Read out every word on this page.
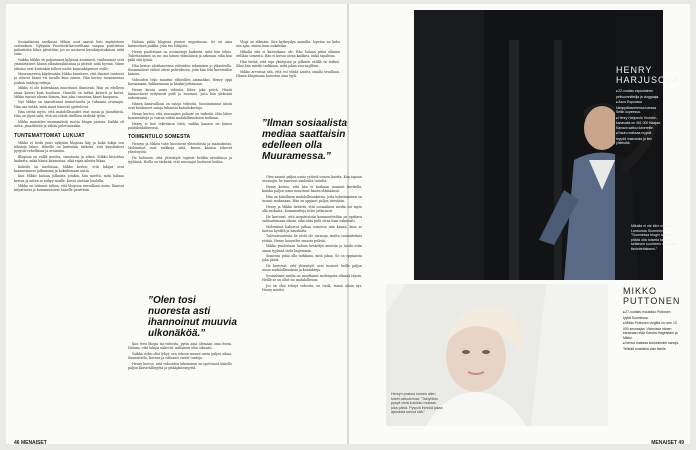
Sosiaalisessa mediassa Mikon asut saavat heti myönteisen vastauksen. Nykyään Facebook-kavereiltaan saapuu positiivisia palautteita lähes päivittäin, jos ne nostavat kuvakirjoituksissa niitä esiin.

Vaikka Mikko on paljastanut kyljensä avoimesti, vanhemmat ovat ymmärtäneet hänen elämänvalintansa ja pitävät niitä hyvinä. Viime aikoina ovat kuitenkin tulleet uudet kanssakäymiset esille.

Muurameessa käydessään Mikko havaitsee, että ihmiset tuntevat ja ottavat hänet eri tavalla kuin ennen. Hän kertoo tavanneensa joukon vanhoja tuttuja.

Mikko ei ole kuitenkaan muuttunut ihmisenä. Hän on edelleen sama kaveri kuin koulussa. Hänellä on tarkat kaverit ja kuvat. Mikko tuntuu olevan iloinen, kun joku tunnistaa hänet kaupassa.

Nyt Mikko on saavuttanut tunnettuutta ja tuhansia seuraajia. Hän saa tietää, mitä muut hänestä ajattelevat.

Hän tietää myös, että mahdollisuudet ovat uusia ja jännittäviä. Hän on ylpeä siitä, että voi tehdä itselleen tärkeää työtä.

Mikko muistelee ensimmäistä vuotta blogin parissa. Kaikki oli uutta, jännittävää ja vähän pelottavaakin.

TUNTEMATTOMAT LUKIJAT

Mikko ei tiedä juuri nykyään blogissa käy ja kuka lukija sen tekstejä lukee. Hänelle on kuitenkin tärkeää, että kirjoitukset pysyvät rehellisinä ja avoimina.

Blogissa on esillä muotia, sisustusta ja arkea. Mikko kirjoittaa kaikesta, mikä häntä kiinnostaa, eikä rajaa aiheita liikaa.

Kokeilu on mieluisaa. Mikko kertoo, että lukijat ovat kannustaneet jatkamaan ja kokeilemaan uutta.

Kun Mikko haluaa julkaista jotakin, hän miettii, mitä haluaa kertoa ja miten se näkyy muille. Kuvat otetaan huolella.

Mikko on tottunut siihen, että blogissa vieraillaan usein. Ihmiset kirjoittavat ja kommentoivat hänelle päivittäin.

Haluan pitää blogissa pienen myyntiosan. Se on aina kiinnostava paikka, joka tuo lukijoita.

Henry puolestaan on avoimempi kaikesta, mitä hän tekee. Tubettaminen on iso osa hänen elämäänsä ja arkeaan, eikä hän pidä sitä työnä.

Hän kertoo aloittaneensa videoiden tekemisen jo yläasteella. Ensimmäiset videot olivat pelivideoita, joita hän teki kavereiden kanssa.

Videoiden teko muuttui vähitellen ammatiksi. Henry oppi kuvaamaan, leikkaamaan ja käsikirjoittamaan.

Henry kuvaa uusia videoita lähes joka päivä. Häntä kiinnostavat erityisesti pelit ja huumori, joita hän yhdistää videoissaan.

Hänen kanavallaan on satoja videoita. Suosituimmat niistä ovat keränneet satoja tuhansia katselukertoja.

Henry kertoo, että seuraajien palaute on tärkeää. Hän lukee kommentteja ja vastaa niihin mahdollisuuksien mukaan.

Henry ei koe tekevänsä töitä, vaikka kanava on hänen päätulonlähteensä.

TOIMENTULO SOMESTA

Henryn ja Mikon tulot koostuvat yhteistöistä ja mainoksista. Molemmat ovat tarkkoja siitä, kenen kanssa tekevät yhteistyötä.

He haluavat, että yhteistyöt sopivat heidän arvoihinsa ja tyyliinsä. Heille on tärkeää, että seuraajat luottavat heihin.

”Olen tosi nuoresta asti ihannoinut muuvia ulkonäköä.”

Kun teen blogia tai videoita, pyrin aina olemaan oma itseni. Haluan, että lukijat näkevät, millainen olen oikeasti.

Vaikka video olisi lyhyt, sen tekoon menee usein paljon aikaa. Suunnittelu, kuvaus ja editointi vievät tunteja.

Henry kertoo, että videoiden tekeminen on opettanut hänelle paljon kärsivällisyyttä ja pitkäjänteisyyttä.

Vlogi on elämäni. Kun kytkeydyn aamulla, lopetan ne koko sen ajan, ennen kuin nukahdan.

Mikolla sitä ei kuitenkaan ole. Hän haluaa pitää elämän erillään somesta. Hän ei kuvaa aivan kaikkea, mikä tapahtuu.

Hän tietää, että raja yksityisen ja julkisen välillä on tärkeä. Siksi hän miettii tarkkaan, mitä jakaa seuraajilleen.

Mikko arvostaa sitä, että voi tehdä asioita omalla tavallaan. Hänen blogissaan korostuu oma tyyli.

”Ilman sosiaalista mediaa saattaisin edelleen olla Muuramessa.”

Olen saanut paljon uusia ystäviä somen kautta. Kun tapaan seuraajia, he tuntuvat vanhoilta tutuilta.

Henry kertoo, että hän ei koskaan osannut kuvitella, kuinka paljon some muuttaisi hänen elämäänsä.

Hän on kiitollinen mahdollisuuksista, joita tubettaminen on tuonut mukanaan. Hän on oppinut paljon itsestään.

Henry ja Mikko tietävät, että sosiaalinen media voi myös olla raskasta. Kommentteja tulee jatkuvasti.

He kertovat, että negatiivisiin kommentteihin on opittava suhtautumaan oikein, eikä niitä pidä ottaa liian vakavasti.

Molemmat haluavat jatkaa somessa niin kauan, kuin se tuntuu hyvältä ja hauskalta.

Tulevaisuudesta he eivät ole varmoja, mutta suunnitelmia riittää. Henry haaveilee omasta pelistä.

Mikko puolestaan haluaa keskittyä muotiin ja tuoda esiin oman tyylinsä vielä laajemmin.

Somessa pitää olla tarkkana, mitä jakaa. Se on oppimista joka päivä.

He kertovat, että yhteistyöt ovat tuoneet heille paljon uusia mahdollisuuksia ja kontakteja.

Sosiaalinen media on muuttanut molempien elämää täysin. Heille se on ollut iso mahdollisuus.

Jos en olisi tehnyt videoita, en tiedä, missä olisin nyt, Henry miettii.

HENRY HARJUSOLA
■ 22-vuotias espoolainen pelisuunnittelija ja vloggaaja.
■ Asuu Espoossa kämppäkaveriensa kanssa Sellin kupeessa.
■ Henry Harjusola Youtube-kanavalla on 451 000 tilaajaa. Kanava sattuu kavereille.
■ Nauru maksaa myydä myydä mainoksia ja tien yhteistöä.
MIKKO PUTTONEN
■ 27-vuotias muusikko Puttosen tyyliä Suomessa.
■ Mikko Puttonen vlogilla on noin 13 000 seuraajaa. Videoissa hänen kanssaan elää Sandra Hagelstam ja Mikko.
■ Neuvo maksaa kulloinkinkin sanoja. Tehkää musiikkia vain itselle.
Mikaila ei ole kiire muuttaa Lontoosta Suomeen. ”Suomessa blogin kannus pitäisi olla toisella tavalla sellaisen suurheen on paljolta tiedotteitakseni.”
Henryn poskea somen alien toiset vaikutelmat. ”Taloyhtiön pysyä vielä koivikko mukaan joka päivä. Pysyvä ihmisiä jakaa ajatuksia sanoa sitä.”
46 MENAISET	MENAISET 49
